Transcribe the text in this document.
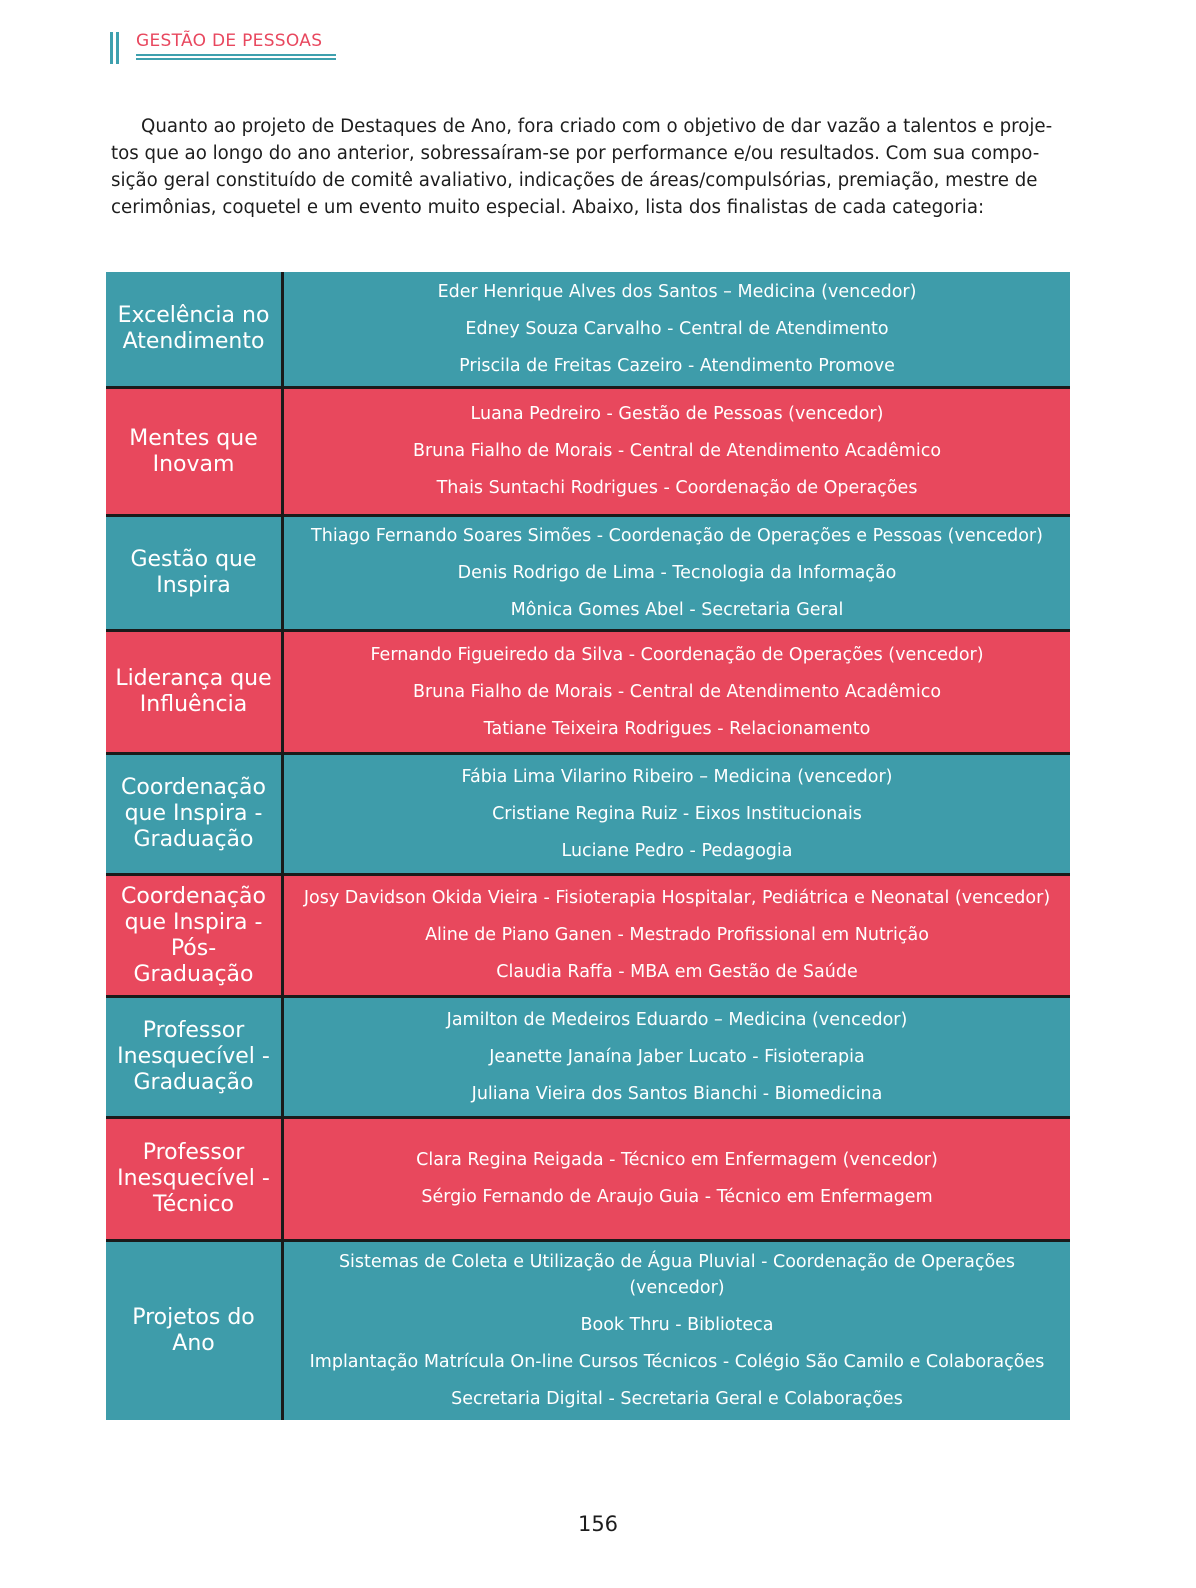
GESTÃO DE PESSOAS

Quanto ao projeto de Destaques de Ano, fora criado com o objetivo de dar vazão a talentos e proje-
tos que ao longo do ano anterior, sobressaíram-se por performance e/ou resultados. Com sua compo-
sição geral constituído de comitê avaliativo, indicações de áreas/compulsórias, premiação, mestre de
cerimônias, coquetel e um evento muito especial. Abaixo, lista dos finalistas de cada categoria:

Excelência no
Atendimento
Eder Henrique Alves dos Santos – Medicina (vencedor)
Edney Souza Carvalho - Central de Atendimento
Priscila de Freitas Cazeiro - Atendimento Promove
Mentes que
Inovam
Luana Pedreiro - Gestão de Pessoas (vencedor)
Bruna Fialho de Morais - Central de Atendimento Acadêmico
Thais Suntachi Rodrigues - Coordenação de Operações
Gestão que
Inspira
Thiago Fernando Soares Simões - Coordenação de Operações e Pessoas (vencedor)
Denis Rodrigo de Lima - Tecnologia da Informação
Mônica Gomes Abel - Secretaria Geral
Liderança que
Influência
Fernando Figueiredo da Silva - Coordenação de Operações (vencedor)
Bruna Fialho de Morais - Central de Atendimento Acadêmico
Tatiane Teixeira Rodrigues - Relacionamento
Coordenação
que Inspira -
Graduação
Fábia Lima Vilarino Ribeiro – Medicina (vencedor)
Cristiane Regina Ruiz - Eixos Institucionais
Luciane Pedro - Pedagogia
Coordenação
que Inspira -
Pós-Graduação
Josy Davidson Okida Vieira - Fisioterapia Hospitalar, Pediátrica e Neonatal (vencedor)
Aline de Piano Ganen - Mestrado Profissional em Nutrição
Claudia Raffa - MBA em Gestão de Saúde
Professor
Inesquecível -
Graduação
Jamilton de Medeiros Eduardo – Medicina (vencedor)
Jeanette Janaína Jaber Lucato - Fisioterapia
Juliana Vieira dos Santos Bianchi - Biomedicina
Professor
Inesquecível -
Técnico
Clara Regina Reigada - Técnico em Enfermagem (vencedor)
Sérgio Fernando de Araujo Guia - Técnico em Enfermagem
Projetos do
Ano
Sistemas de Coleta e Utilização de Água Pluvial - Coordenação de Operações (vencedor)
Book Thru - Biblioteca
Implantação Matrícula On-line Cursos Técnicos - Colégio São Camilo e Colaborações
Secretaria Digital - Secretaria Geral e Colaborações
156
